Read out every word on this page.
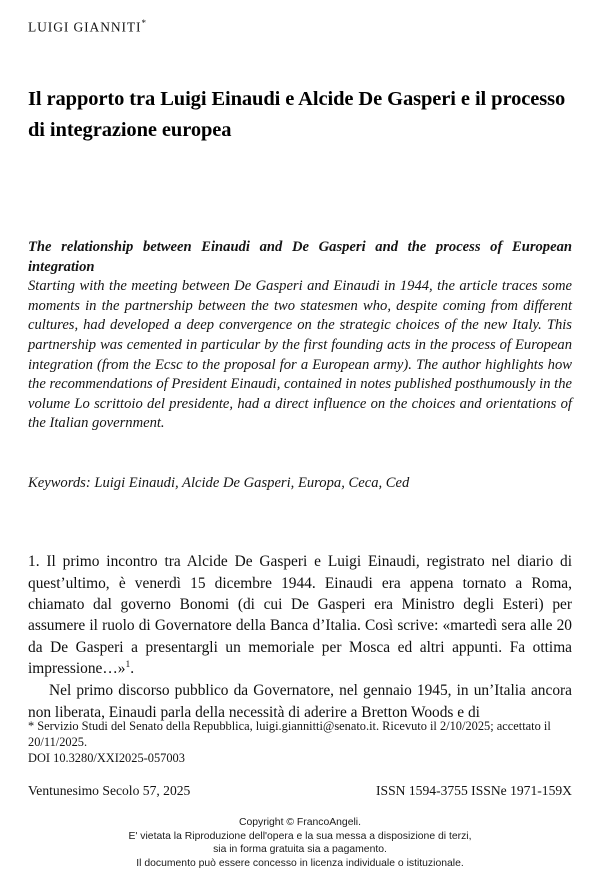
LUIGI GIANNITI*
Il rapporto tra Luigi Einaudi e Alcide De Gasperi e il processo di integrazione europea
The relationship between Einaudi and De Gasperi and the process of European integration
Starting with the meeting between De Gasperi and Einaudi in 1944, the article traces some moments in the partnership between the two statesmen who, despite coming from different cultures, had developed a deep convergence on the strategic choices of the new Italy. This partnership was cemented in particular by the first founding acts in the process of European integration (from the Ecsc to the proposal for a European army). The author highlights how the recommendations of President Einaudi, contained in notes published posthumously in the volume Lo scrittoio del presidente, had a direct influence on the choices and orientations of the Italian government.
Keywords: Luigi Einaudi, Alcide De Gasperi, Europa, Ceca, Ced

1. Il primo incontro tra Alcide De Gasperi e Luigi Einaudi, registrato nel diario di quest’ultimo, è venerdì 15 dicembre 1944. Einaudi era appena tornato a Roma, chiamato dal governo Bonomi (di cui De Gasperi era Ministro degli Esteri) per assumere il ruolo di Governatore della Banca d’Italia. Così scrive: «martedì sera alle 20 da De Gasperi a presentargli un memoriale per Mosca ed altri appunti. Fa ottima impressione…»$^1$.

Nel primo discorso pubblico da Governatore, nel gennaio 1945, in un’Italia ancora non liberata, Einaudi parla della necessità di aderire a Bretton Woods e di

* Servizio Studi del Senato della Repubblica, luigi.giannitti@senato.it. Ricevuto il 2/10/2025; accettato il 20/11/2025.
DOI 10.3280/XXI2025-057003
Ventunesimo Secolo 57, 2025	ISSN 1594-3755 ISSNe 1971-159X
Copyright © FrancoAngeli.
E' vietata la Riproduzione dell'opera e la sua messa a disposizione di terzi,
sia in forma gratuita sia a pagamento.
Il documento può essere concesso in licenza individuale o istituzionale.
